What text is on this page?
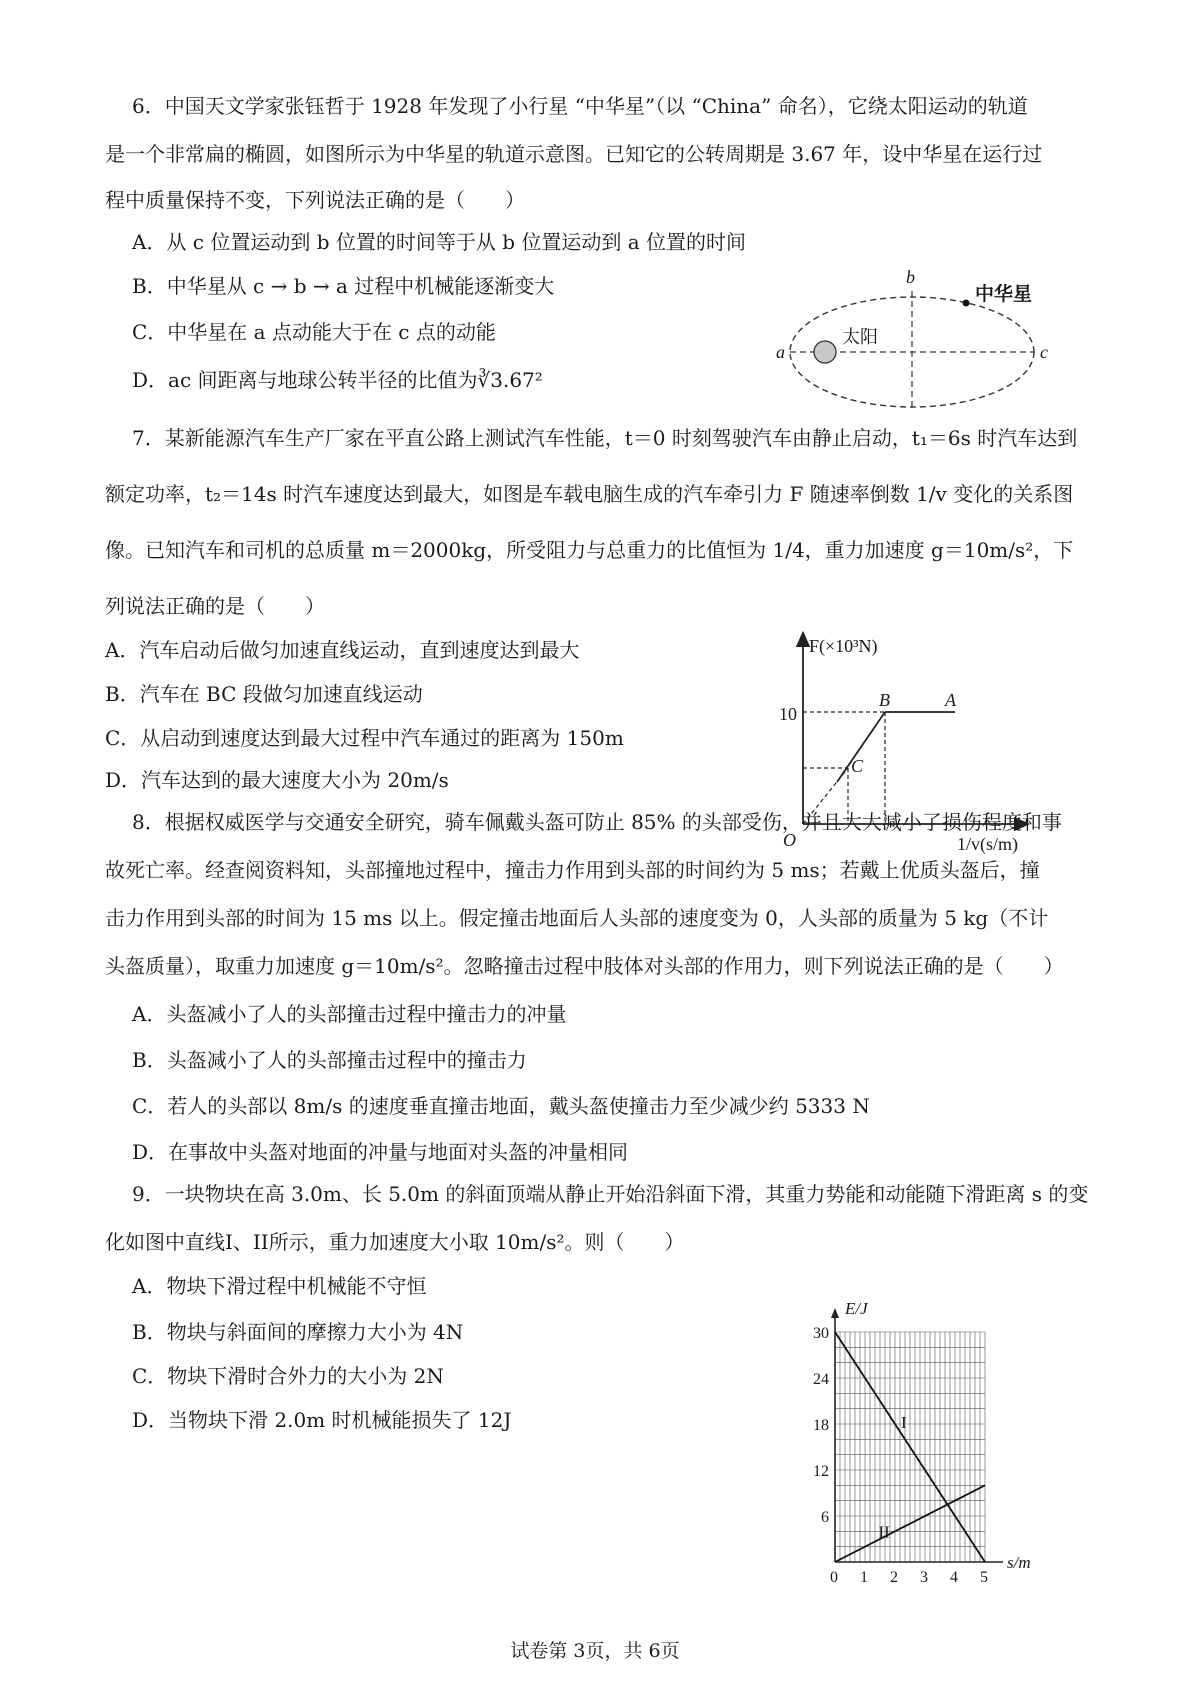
6．中国天文学家张钰哲于 1928 年发现了小行星 “中华星”（以 “China” 命名），它绕太阳运动的轨道
是一个非常扁的椭圆，如图所示为中华星的轨道示意图。已知它的公转周期是 3.67 年，设中华星在运行过
程中质量保持不变，下列说法正确的是（　　）
A．从 c 位置运动到 b 位置的时间等于从 b 位置运动到 a 位置的时间
B．中华星从 c → b → a 过程中机械能逐渐变大
C．中华星在 a 点动能大于在 c 点的动能
D．ac 间距离与地球公转半径的比值为∛3.67²
太阳
中华星
b
a	c
7．某新能源汽车生产厂家在平直公路上测试汽车性能，t＝0 时刻驾驶汽车由静止启动，t₁＝6s 时汽车达到
额定功率，t₂＝14s 时汽车速度达到最大，如图是车载电脑生成的汽车牵引力 F 随速率倒数 1/v 变化的关系图
像。已知汽车和司机的总质量 m＝2000kg，所受阻力与总重力的比值恒为 1/4，重力加速度 g＝10m/s²，下
列说法正确的是（　　）
A．汽车启动后做匀加速直线运动，直到速度达到最大
B．汽车在 BC 段做匀加速直线运动
C．从启动到速度达到最大过程中汽车通过的距离为 150m
D．汽车达到的最大速度大小为 20m/s
F(×10³N)
10
O
B	A
C
1/v(s/m)
8．根据权威医学与交通安全研究，骑车佩戴头盔可防止 85% 的头部受伤，并且大大减小了损伤程度和事
故死亡率。经查阅资料知，头部撞地过程中，撞击力作用到头部的时间约为 5 ms；若戴上优质头盔后，撞
击力作用到头部的时间为 15 ms 以上。假定撞击地面后人头部的速度变为 0，人头部的质量为 5 kg（不计
头盔质量），取重力加速度 g＝10m/s²。忽略撞击过程中肢体对头部的作用力，则下列说法正确的是（　　）
A．头盔减小了人的头部撞击过程中撞击力的冲量
B．头盔减小了人的头部撞击过程中的撞击力
C．若人的头部以 8m/s 的速度垂直撞击地面，戴头盔使撞击力至少减少约 5333 N
D．在事故中头盔对地面的冲量与地面对头盔的冲量相同
9．一块物块在高 3.0m、长 5.0m 的斜面顶端从静止开始沿斜面下滑，其重力势能和动能随下滑距离 s 的变
化如图中直线I、II所示，重力加速度大小取 10m/s²。则（　　）
A．物块下滑过程中机械能不守恒
B．物块与斜面间的摩擦力大小为 4N
C．物块下滑时合外力的大小为 2N
D．当物块下滑 2.0m 时机械能损失了 12J
0 1 2 3 4 5
6
12
18
24
30
I
II
E/J
s/m
试卷第 3页，共 6页
